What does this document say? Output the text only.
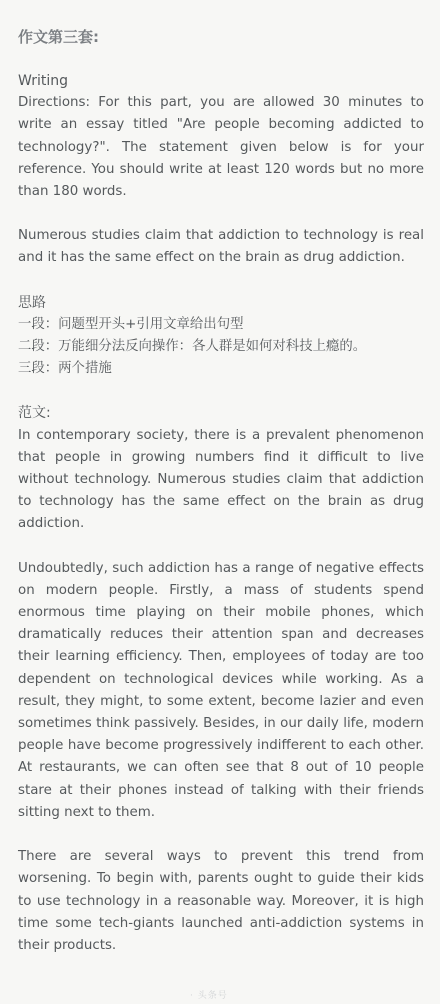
作文第三套:
Writing

Directions: For this part, you are allowed 30 minutes to write an essay titled "Are people becoming addicted to technology?". The statement given below is for your reference. You should write at least 120 words but no more than 180 words.

Numerous studies claim that addiction to technology is real and it has the same effect on the brain as drug addiction.

思路
一段：问题型开头+引用文章给出句型
二段：万能细分法反向操作：各人群是如何对科技上瘾的。
三段：两个措施
范文:

In contemporary society, there is a prevalent phenomenon that people in growing numbers find it difficult to live without technology. Numerous studies claim that addiction to technology has the same effect on the brain as drug addiction.

Undoubtedly, such addiction has a range of negative effects on modern people. Firstly, a mass of students spend enormous time playing on their mobile phones, which dramatically reduces their attention span and decreases their learning efficiency. Then, employees of today are too dependent on technological devices while working. As a result, they might, to some extent, become lazier and even sometimes think passively. Besides, in our daily life, modern people have become progressively indifferent to each other. At restaurants, we can often see that 8 out of 10 people stare at their phones instead of talking with their friends sitting next to them.

There are several ways to prevent this trend from worsening. To begin with, parents ought to guide their kids to use technology in a reasonable way. Moreover, it is high time some tech-giants launched anti-addiction systems in their products.

· 头条号
